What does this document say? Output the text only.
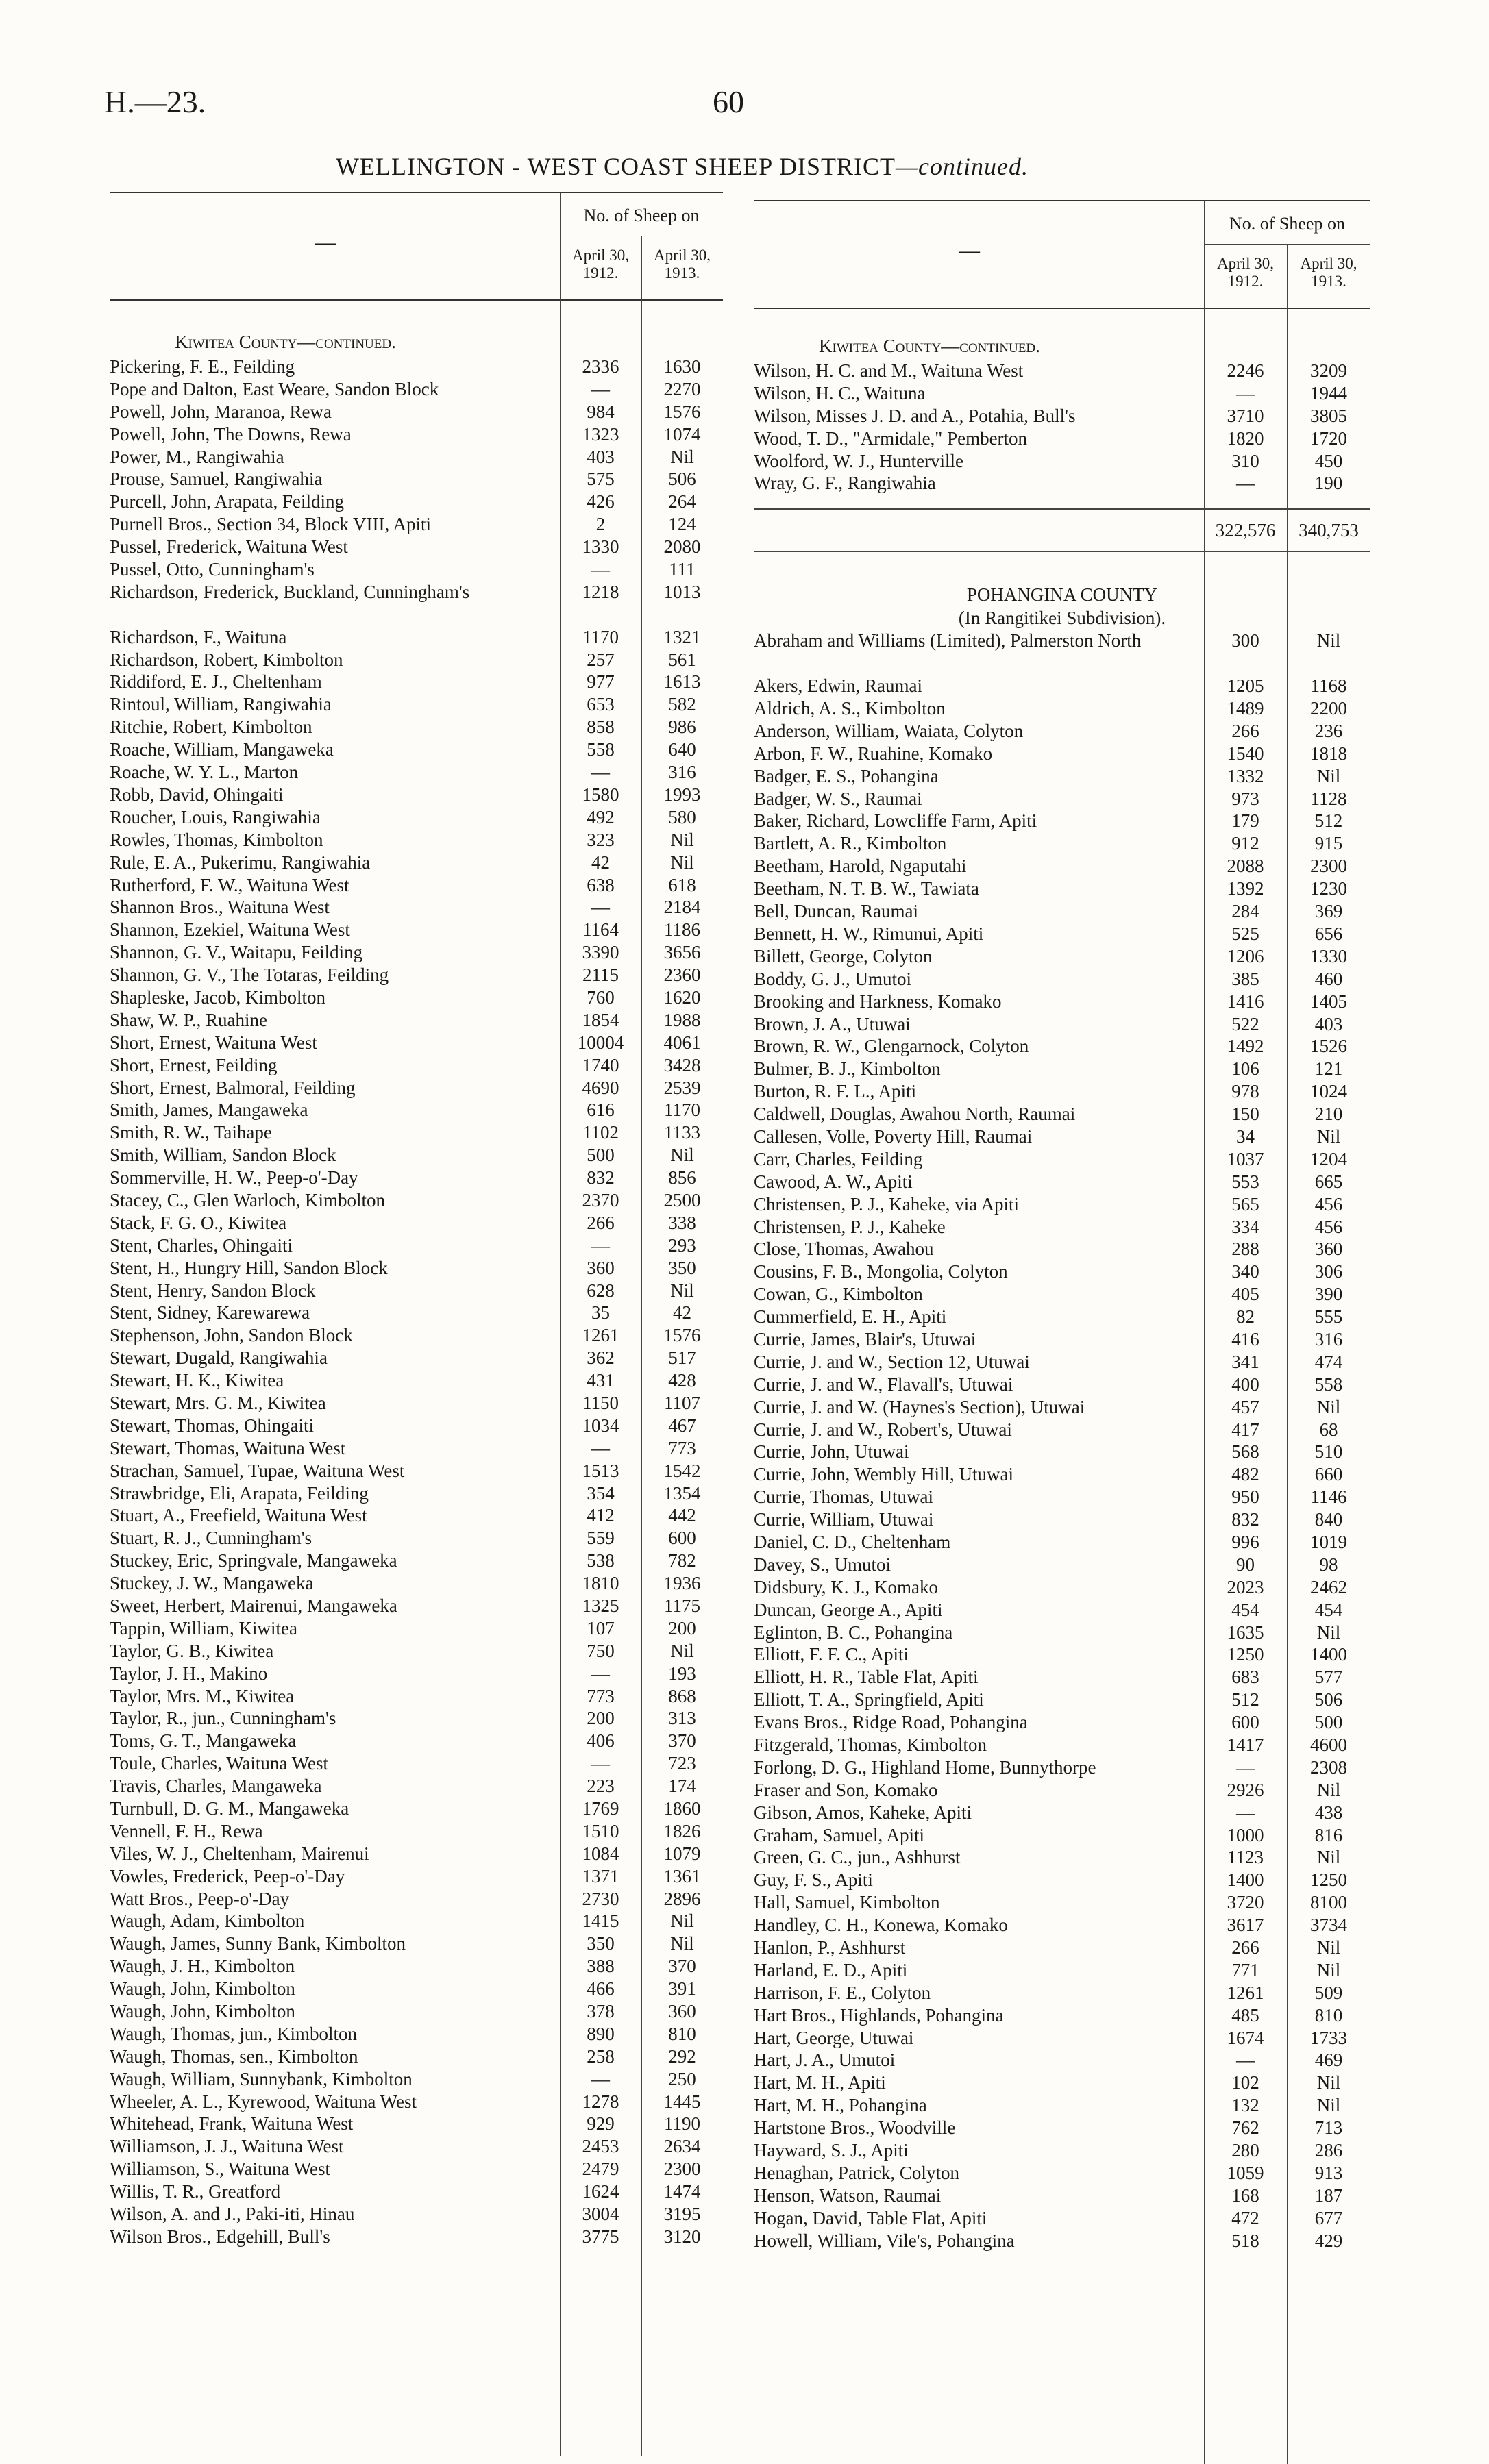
H.—23.	60
WELLINGTON - WEST COAST SHEEP DISTRICT—continued.
—
No. of Sheep on
April 30, 1912.
April 30, 1913.
Kiwitea County—continued.
Pickering, F. E., Feilding	2336	1630
Pope and Dalton, East Weare, Sandon Block	—	2270
Powell, John, Maranoa, Rewa	984	1576
Powell, John, The Downs, Rewa	1323	1074
Power, M., Rangiwahia	403	Nil
Prouse, Samuel, Rangiwahia	575	506
Purcell, John, Arapata, Feilding	426	264
Purnell Bros., Section 34, Block VIII, Apiti	2	124
Pussel, Frederick, Waituna West	1330	2080
Pussel, Otto, Cunningham's	—	111
Richardson, Frederick, Buckland, Cunningham's	1218	1013
Richardson, F., Waituna	1170	1321
Richardson, Robert, Kimbolton	257	561
Riddiford, E. J., Cheltenham	977	1613
Rintoul, William, Rangiwahia	653	582
Ritchie, Robert, Kimbolton	858	986
Roache, William, Mangaweka	558	640
Roache, W. Y. L., Marton	—	316
Robb, David, Ohingaiti	1580	1993
Roucher, Louis, Rangiwahia	492	580
Rowles, Thomas, Kimbolton	323	Nil
Rule, E. A., Pukerimu, Rangiwahia	42	Nil
Rutherford, F. W., Waituna West	638	618
Shannon Bros., Waituna West	—	2184
Shannon, Ezekiel, Waituna West	1164	1186
Shannon, G. V., Waitapu, Feilding	3390	3656
Shannon, G. V., The Totaras, Feilding	2115	2360
Shapleske, Jacob, Kimbolton	760	1620
Shaw, W. P., Ruahine	1854	1988
Short, Ernest, Waituna West	10004	4061
Short, Ernest, Feilding	1740	3428
Short, Ernest, Balmoral, Feilding	4690	2539
Smith, James, Mangaweka	616	1170
Smith, R. W., Taihape	1102	1133
Smith, William, Sandon Block	500	Nil
Sommerville, H. W., Peep-o'-Day	832	856
Stacey, C., Glen Warloch, Kimbolton	2370	2500
Stack, F. G. O., Kiwitea	266	338
Stent, Charles, Ohingaiti	—	293
Stent, H., Hungry Hill, Sandon Block	360	350
Stent, Henry, Sandon Block	628	Nil
Stent, Sidney, Karewarewa	35	42
Stephenson, John, Sandon Block	1261	1576
Stewart, Dugald, Rangiwahia	362	517
Stewart, H. K., Kiwitea	431	428
Stewart, Mrs. G. M., Kiwitea	1150	1107
Stewart, Thomas, Ohingaiti	1034	467
Stewart, Thomas, Waituna West	—	773
Strachan, Samuel, Tupae, Waituna West	1513	1542
Strawbridge, Eli, Arapata, Feilding	354	1354
Stuart, A., Freefield, Waituna West	412	442
Stuart, R. J., Cunningham's	559	600
Stuckey, Eric, Springvale, Mangaweka	538	782
Stuckey, J. W., Mangaweka	1810	1936
Sweet, Herbert, Mairenui, Mangaweka	1325	1175
Tappin, William, Kiwitea	107	200
Taylor, G. B., Kiwitea	750	Nil
Taylor, J. H., Makino	—	193
Taylor, Mrs. M., Kiwitea	773	868
Taylor, R., jun., Cunningham's	200	313
Toms, G. T., Mangaweka	406	370
Toule, Charles, Waituna West	—	723
Travis, Charles, Mangaweka	223	174
Turnbull, D. G. M., Mangaweka	1769	1860
Vennell, F. H., Rewa	1510	1826
Viles, W. J., Cheltenham, Mairenui	1084	1079
Vowles, Frederick, Peep-o'-Day	1371	1361
Watt Bros., Peep-o'-Day	2730	2896
Waugh, Adam, Kimbolton	1415	Nil
Waugh, James, Sunny Bank, Kimbolton	350	Nil
Waugh, J. H., Kimbolton	388	370
Waugh, John, Kimbolton	466	391
Waugh, John, Kimbolton	378	360
Waugh, Thomas, jun., Kimbolton	890	810
Waugh, Thomas, sen., Kimbolton	258	292
Waugh, William, Sunnybank, Kimbolton	—	250
Wheeler, A. L., Kyrewood, Waituna West	1278	1445
Whitehead, Frank, Waituna West	929	1190
Williamson, J. J., Waituna West	2453	2634
Williamson, S., Waituna West	2479	2300
Willis, T. R., Greatford	1624	1474
Wilson, A. and J., Paki-iti, Hinau	3004	3195
Wilson Bros., Edgehill, Bull's	3775	3120
—
No. of Sheep on
April 30, 1912.
April 30, 1913.
Kiwitea County—continued.
Wilson, H. C. and M., Waituna West	2246	3209
Wilson, H. C., Waituna	—	1944
Wilson, Misses J. D. and A., Potahia, Bull's	3710	3805
Wood, T. D., "Armidale," Pemberton	1820	1720
Woolford, W. J., Hunterville	310	450
Wray, G. F., Rangiwahia	—	190
322,576	340,753
POHANGINA COUNTY
(In Rangitikei Subdivision).
Abraham and Williams (Limited), Palmerston North	300	Nil
Akers, Edwin, Raumai	1205	1168
Aldrich, A. S., Kimbolton	1489	2200
Anderson, William, Waiata, Colyton	266	236
Arbon, F. W., Ruahine, Komako	1540	1818
Badger, E. S., Pohangina	1332	Nil
Badger, W. S., Raumai	973	1128
Baker, Richard, Lowcliffe Farm, Apiti	179	512
Bartlett, A. R., Kimbolton	912	915
Beetham, Harold, Ngaputahi	2088	2300
Beetham, N. T. B. W., Tawiata	1392	1230
Bell, Duncan, Raumai	284	369
Bennett, H. W., Rimunui, Apiti	525	656
Billett, George, Colyton	1206	1330
Boddy, G. J., Umutoi	385	460
Brooking and Harkness, Komako	1416	1405
Brown, J. A., Utuwai	522	403
Brown, R. W., Glengarnock, Colyton	1492	1526
Bulmer, B. J., Kimbolton	106	121
Burton, R. F. L., Apiti	978	1024
Caldwell, Douglas, Awahou North, Raumai	150	210
Callesen, Volle, Poverty Hill, Raumai	34	Nil
Carr, Charles, Feilding	1037	1204
Cawood, A. W., Apiti	553	665
Christensen, P. J., Kaheke, via Apiti	565	456
Christensen, P. J., Kaheke	334	456
Close, Thomas, Awahou	288	360
Cousins, F. B., Mongolia, Colyton	340	306
Cowan, G., Kimbolton	405	390
Cummerfield, E. H., Apiti	82	555
Currie, James, Blair's, Utuwai	416	316
Currie, J. and W., Section 12, Utuwai	341	474
Currie, J. and W., Flavall's, Utuwai	400	558
Currie, J. and W. (Haynes's Section), Utuwai	457	Nil
Currie, J. and W., Robert's, Utuwai	417	68
Currie, John, Utuwai	568	510
Currie, John, Wembly Hill, Utuwai	482	660
Currie, Thomas, Utuwai	950	1146
Currie, William, Utuwai	832	840
Daniel, C. D., Cheltenham	996	1019
Davey, S., Umutoi	90	98
Didsbury, K. J., Komako	2023	2462
Duncan, George A., Apiti	454	454
Eglinton, B. C., Pohangina	1635	Nil
Elliott, F. F. C., Apiti	1250	1400
Elliott, H. R., Table Flat, Apiti	683	577
Elliott, T. A., Springfield, Apiti	512	506
Evans Bros., Ridge Road, Pohangina	600	500
Fitzgerald, Thomas, Kimbolton	1417	4600
Forlong, D. G., Highland Home, Bunnythorpe	—	2308
Fraser and Son, Komako	2926	Nil
Gibson, Amos, Kaheke, Apiti	—	438
Graham, Samuel, Apiti	1000	816
Green, G. C., jun., Ashhurst	1123	Nil
Guy, F. S., Apiti	1400	1250
Hall, Samuel, Kimbolton	3720	8100
Handley, C. H., Konewa, Komako	3617	3734
Hanlon, P., Ashhurst	266	Nil
Harland, E. D., Apiti	771	Nil
Harrison, F. E., Colyton	1261	509
Hart Bros., Highlands, Pohangina	485	810
Hart, George, Utuwai	1674	1733
Hart, J. A., Umutoi	—	469
Hart, M. H., Apiti	102	Nil
Hart, M. H., Pohangina	132	Nil
Hartstone Bros., Woodville	762	713
Hayward, S. J., Apiti	280	286
Henaghan, Patrick, Colyton	1059	913
Henson, Watson, Raumai	168	187
Hogan, David, Table Flat, Apiti	472	677
Howell, William, Vile's, Pohangina	518	429
